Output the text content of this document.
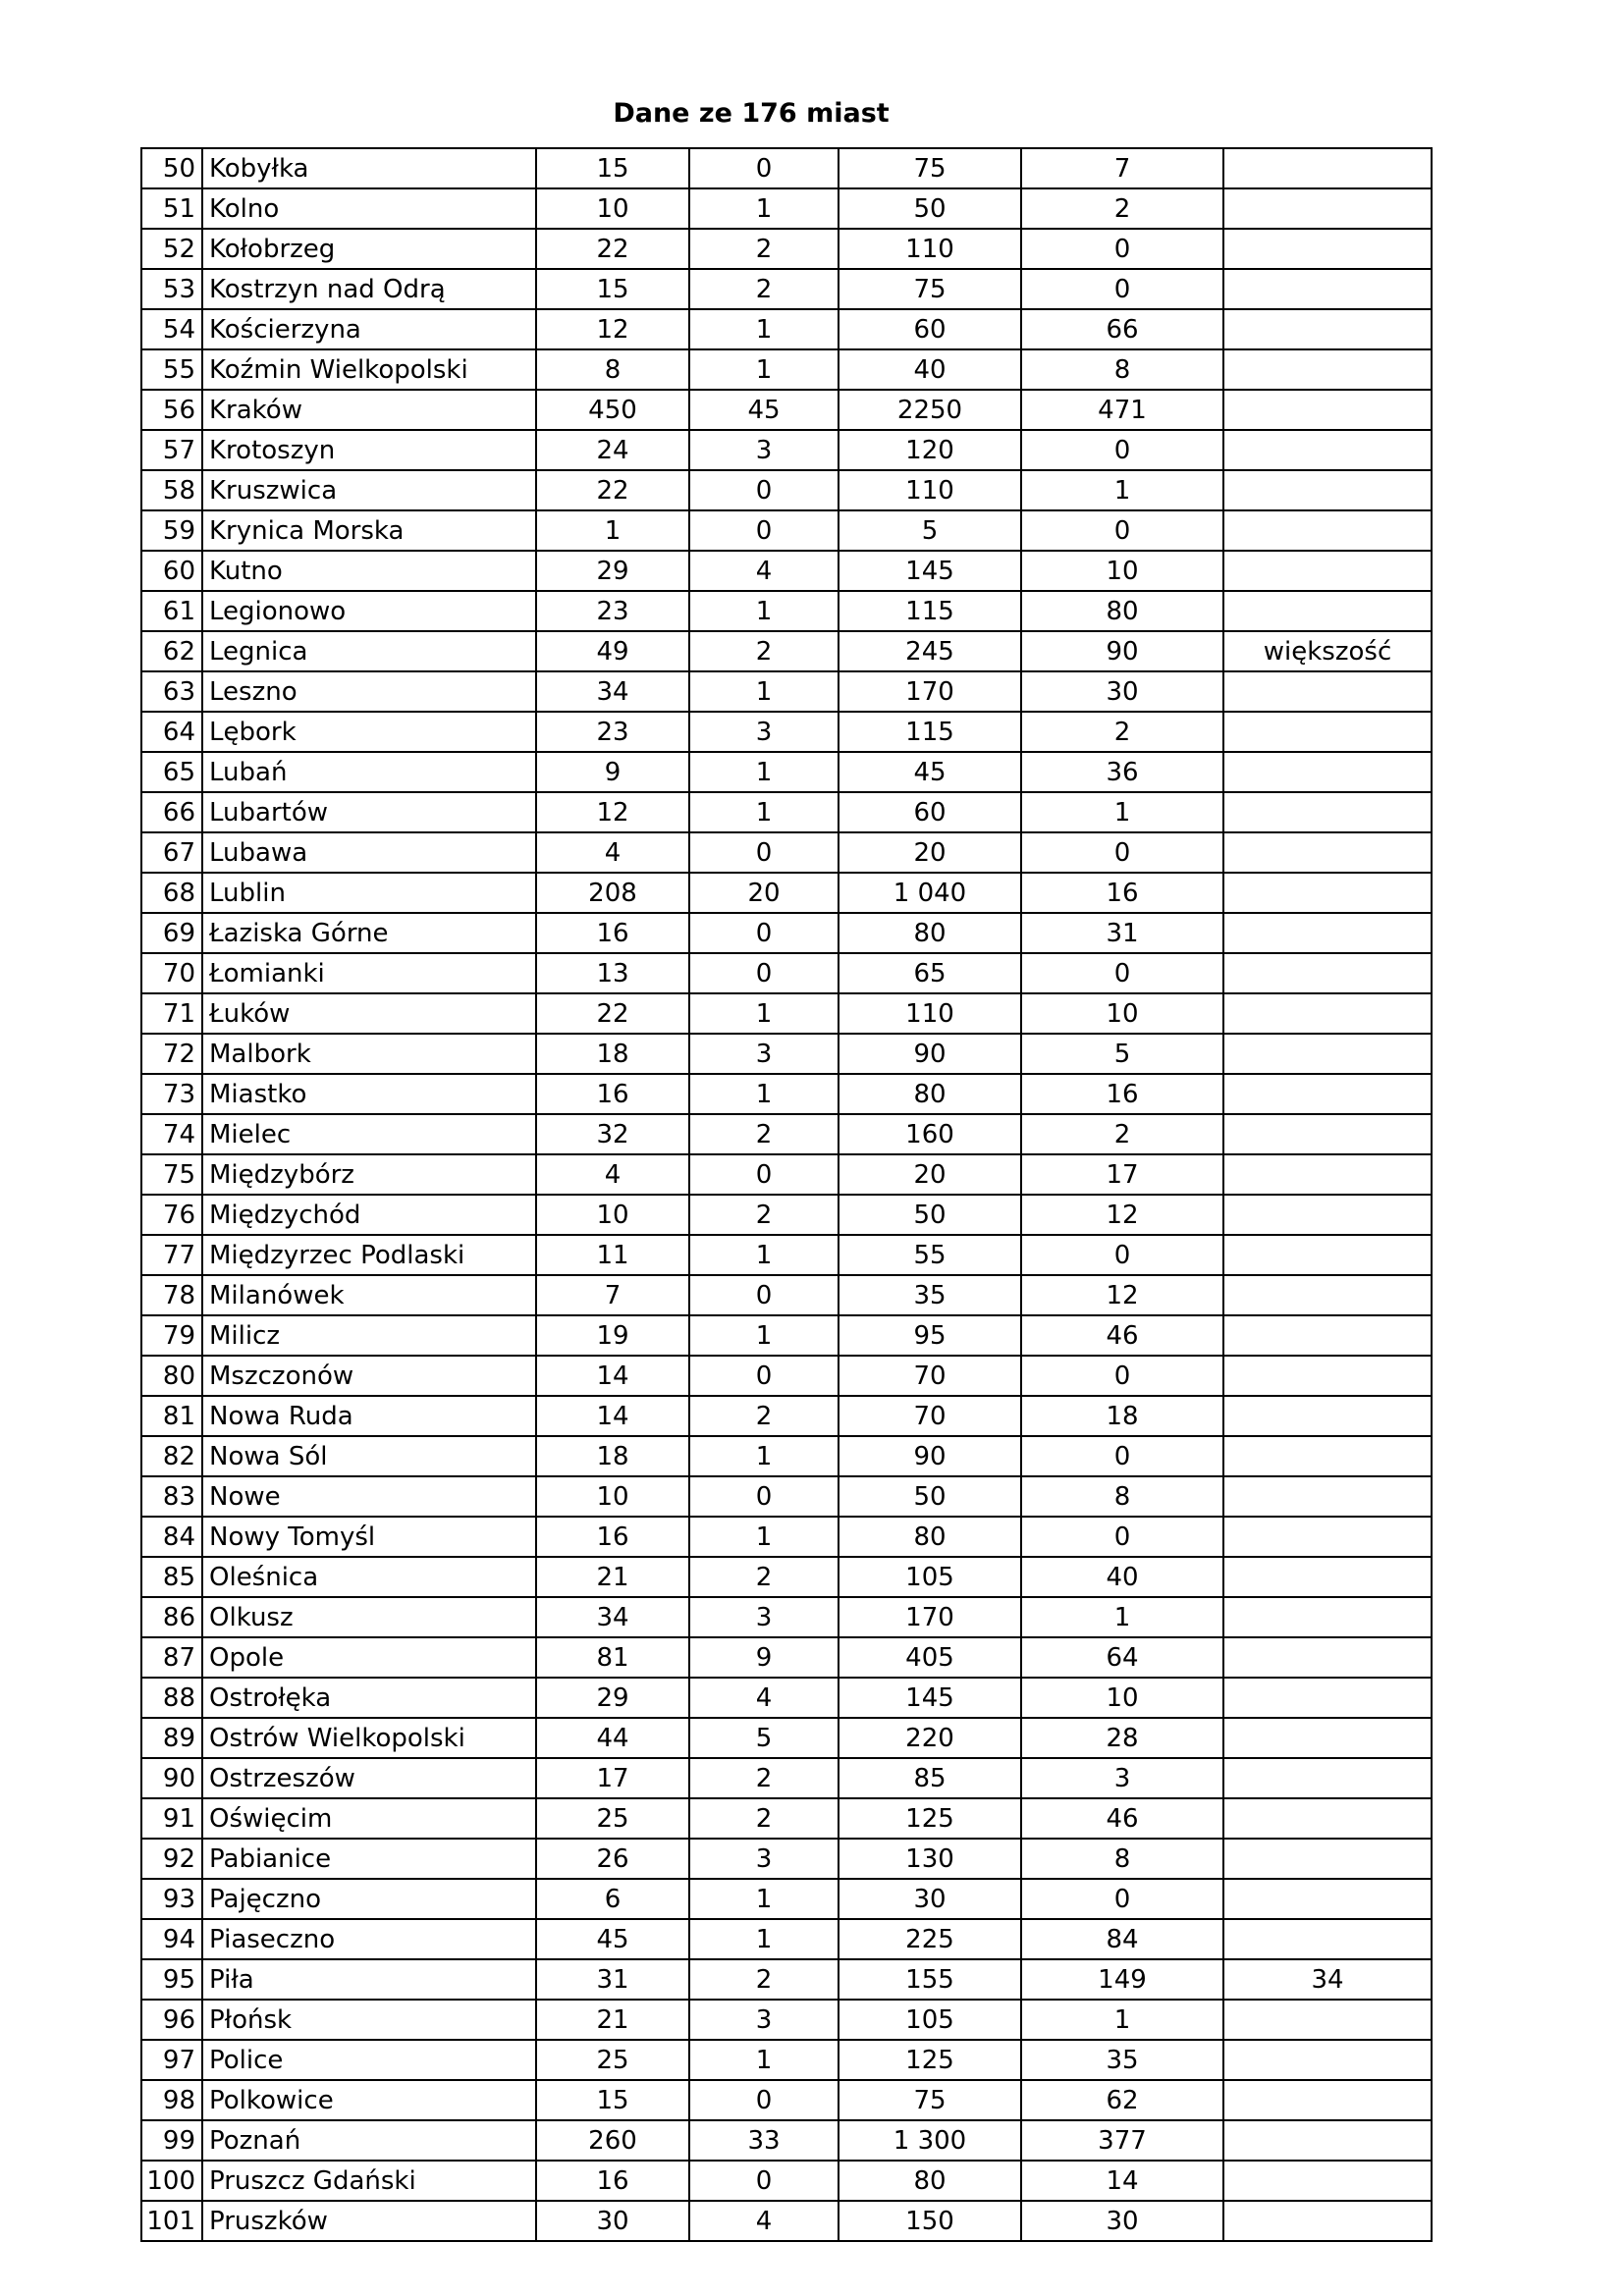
Dane ze 176 miast
50	Kobyłka	15	0	75	7	
51	Kolno	10	1	50	2	
52	Kołobrzeg	22	2	110	0	
53	Kostrzyn nad Odrą	15	2	75	0	
54	Kościerzyna	12	1	60	66	
55	Koźmin Wielkopolski	8	1	40	8	
56	Kraków	450	45	2250	471	
57	Krotoszyn	24	3	120	0	
58	Kruszwica	22	0	110	1	
59	Krynica Morska	1	0	5	0	
60	Kutno	29	4	145	10	
61	Legionowo	23	1	115	80	
62	Legnica	49	2	245	90	większość
63	Leszno	34	1	170	30	
64	Lębork	23	3	115	2	
65	Lubań	9	1	45	36	
66	Lubartów	12	1	60	1	
67	Lubawa	4	0	20	0	
68	Lublin	208	20	1 040	16	
69	Łaziska Górne	16	0	80	31	
70	Łomianki	13	0	65	0	
71	Łuków	22	1	110	10	
72	Malbork	18	3	90	5	
73	Miastko	16	1	80	16	
74	Mielec	32	2	160	2	
75	Międzybórz	4	0	20	17	
76	Międzychód	10	2	50	12	
77	Międzyrzec Podlaski	11	1	55	0	
78	Milanówek	7	0	35	12	
79	Milicz	19	1	95	46	
80	Mszczonów	14	0	70	0	
81	Nowa Ruda	14	2	70	18	
82	Nowa Sól	18	1	90	0	
83	Nowe	10	0	50	8	
84	Nowy Tomyśl	16	1	80	0	
85	Oleśnica	21	2	105	40	
86	Olkusz	34	3	170	1	
87	Opole	81	9	405	64	
88	Ostrołęka	29	4	145	10	
89	Ostrów Wielkopolski	44	5	220	28	
90	Ostrzeszów	17	2	85	3	
91	Oświęcim	25	2	125	46	
92	Pabianice	26	3	130	8	
93	Pajęczno	6	1	30	0	
94	Piaseczno	45	1	225	84	
95	Piła	31	2	155	149	34
96	Płońsk	21	3	105	1	
97	Police	25	1	125	35	
98	Polkowice	15	0	75	62	
99	Poznań	260	33	1 300	377	
100	Pruszcz Gdański	16	0	80	14	
101	Pruszków	30	4	150	30	
